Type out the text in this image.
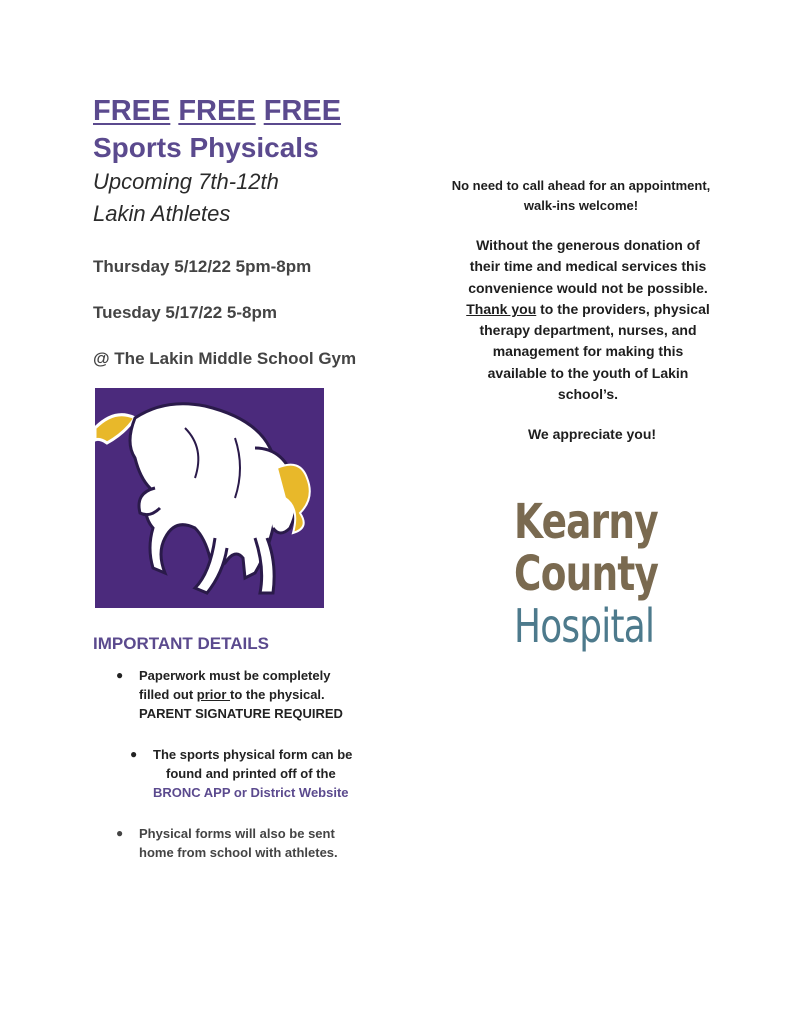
FREE FREE FREE
Sports Physicals
Upcoming 7th-12th
Lakin Athletes
Thursday 5/12/22 5pm-8pm
Tuesday 5/17/22 5-8pm
@ The Lakin Middle School Gym
IMPORTANT DETAILS
● Paperwork must be completely
filled out prior to the physical.
PARENT SIGNATURE REQUIRED
● The sports physical form can be
found and printed off of the
BRONC APP or District Website
● Physical forms will also be sent
home from school with athletes.
No need to call ahead for an appointment,
walk-ins welcome!
Without the generous donation of their time and medical services this convenience would not be possible. Thank you to the providers, physical therapy department, nurses, and management for making this available to the youth of Lakin school’s.
We appreciate you!
Kearny
County
Hospital
